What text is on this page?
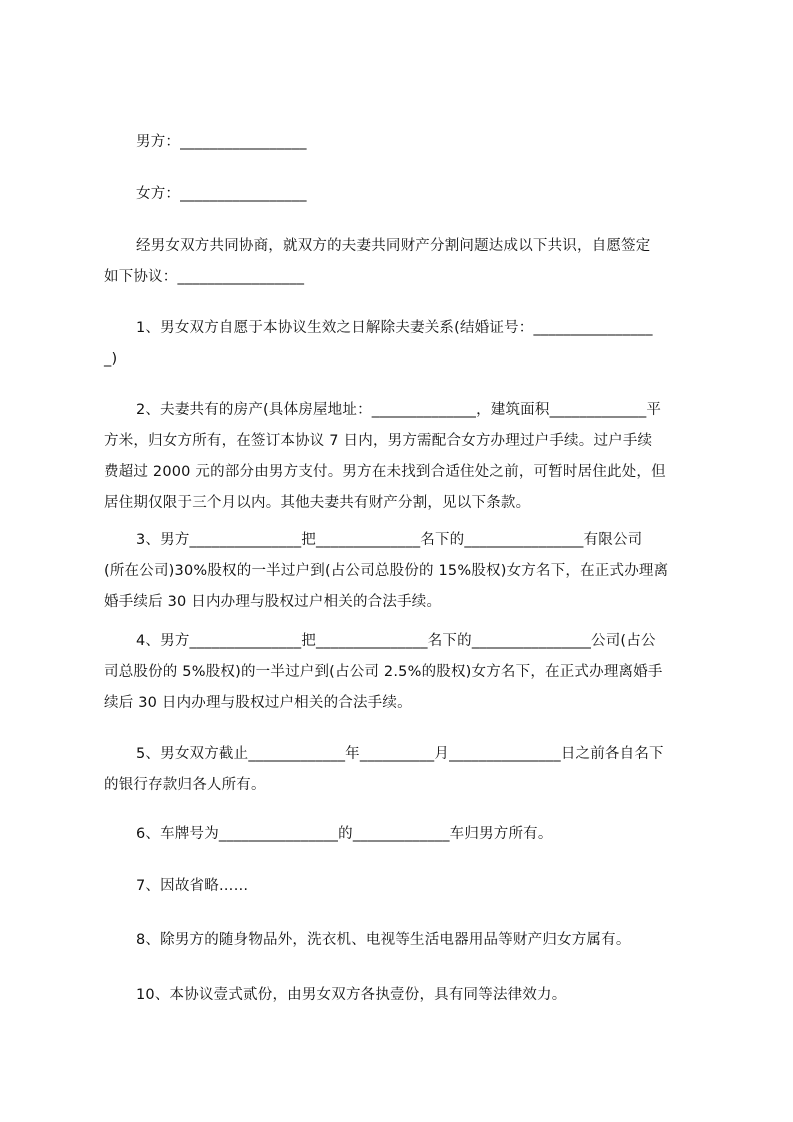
男方：_________________
女方：_________________
经男女双方共同协商，就双方的夫妻共同财产分割问题达成以下共识，自愿签定
如下协议：_________________
1、男女双方自愿于本协议生效之日解除夫妻关系(结婚证号：________________
_)
2、夫妻共有的房产(具体房屋地址：______________，建筑面积_____________平
方米，归女方所有，在签订本协议 7 日内，男方需配合女方办理过户手续。过户手续
费超过 2000 元的部分由男方支付。男方在未找到合适住处之前，可暂时居住此处，但
居住期仅限于三个月以内。其他夫妻共有财产分割，见以下条款。
3、男方_______________把______________名下的________________有限公司
(所在公司)30%股权的一半过户到(占公司总股份的 15%股权)女方名下，在正式办理离
婚手续后 30 日内办理与股权过户相关的合法手续。
4、男方_______________把_______________名下的________________公司(占公
司总股份的 5%股权)的一半过户到(占公司 2.5%的股权)女方名下，在正式办理离婚手
续后 30 日内办理与股权过户相关的合法手续。
5、男女双方截止_____________年__________月_______________日之前各自名下
的银行存款归各人所有。
6、车牌号为________________的_____________车归男方所有。
7、因故省略……
8、除男方的随身物品外，洗衣机、电视等生活电器用品等财产归女方属有。
10、本协议壹式贰份，由男女双方各执壹份，具有同等法律效力。
